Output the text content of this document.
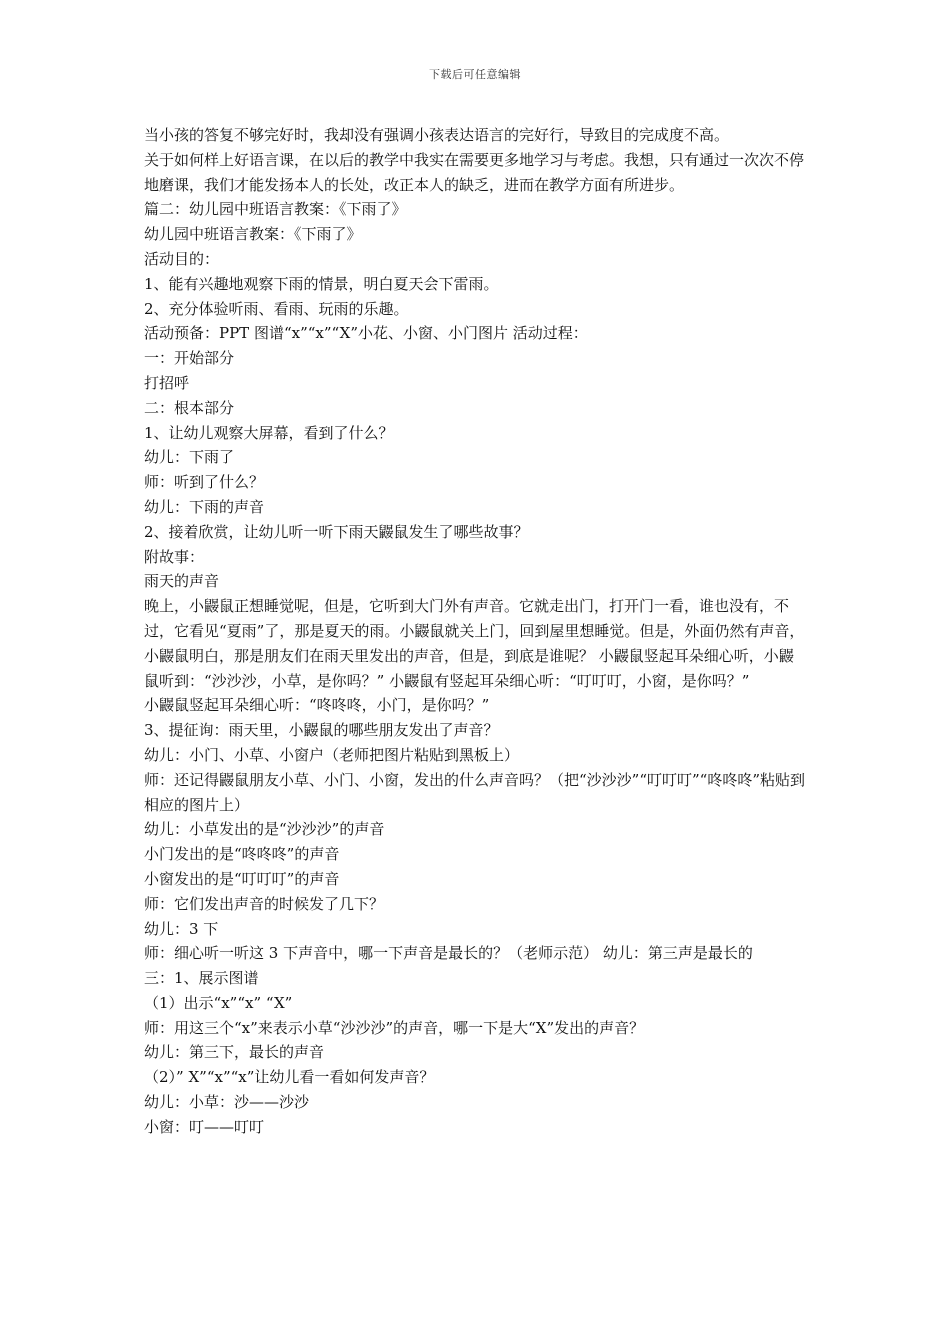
下载后可任意编辑

当小孩的答复不够完好时，我却没有强调小孩表达语言的完好行，导致目的完成度不高。

关于如何样上好语言课，在以后的教学中我实在需要更多地学习与考虑。我想，只有通过一次次不停地磨课，我们才能发扬本人的长处，改正本人的缺乏，进而在教学方面有所进步。

篇二：幼儿园中班语言教案：《下雨了》

幼儿园中班语言教案：《下雨了》

活动目的：

1、能有兴趣地观察下雨的情景，明白夏天会下雷雨。

2、充分体验听雨、看雨、玩雨的乐趣。

活动预备：PPT 图谱“x”“x”“X”小花、小窗、小门图片 活动过程：

一：开始部分

打招呼

二：根本部分

1、让幼儿观察大屏幕，看到了什么？

幼儿：下雨了

师：听到了什么？

幼儿：下雨的声音

2、接着欣赏，让幼儿听一听下雨天鼹鼠发生了哪些故事？

附故事：

雨天的声音

晚上，小鼹鼠正想睡觉呢，但是，它听到大门外有声音。它就走出门，打开门一看，谁也没有，不过，它看见“夏雨”了，那是夏天的雨。小鼹鼠就关上门，回到屋里想睡觉。但是，外面仍然有声音，小鼹鼠明白，那是朋友们在雨天里发出的声音，但是，到底是谁呢？ 小鼹鼠竖起耳朵细心听，小鼹鼠听到：“沙沙沙，小草，是你吗？” 小鼹鼠有竖起耳朵细心听：“叮叮叮，小窗，是你吗？”

小鼹鼠竖起耳朵细心听：“咚咚咚，小门，是你吗？”

3、提征询：雨天里，小鼹鼠的哪些朋友发出了声音？

幼儿：小门、小草、小窗户（老师把图片粘贴到黑板上）

师：还记得鼹鼠朋友小草、小门、小窗，发出的什么声音吗？（把“沙沙沙”“叮叮叮”“咚咚咚”粘贴到相应的图片上）

幼儿：小草发出的是“沙沙沙”的声音

小门发出的是“咚咚咚”的声音

小窗发出的是“叮叮叮”的声音

师：它们发出声音的时候发了几下？

幼儿：3 下

师：细心听一听这 3 下声音中，哪一下声音是最长的？（老师示范） 幼儿：第三声是最长的

三：1、展示图谱

（1）出示“x”“x” “X”

师：用这三个“x”来表示小草“沙沙沙”的声音，哪一下是大“X”发出的声音？

幼儿：第三下，最长的声音

（2）” X”“x”“x”让幼儿看一看如何发声音？

幼儿：小草：沙——沙沙

小窗：叮——叮叮
